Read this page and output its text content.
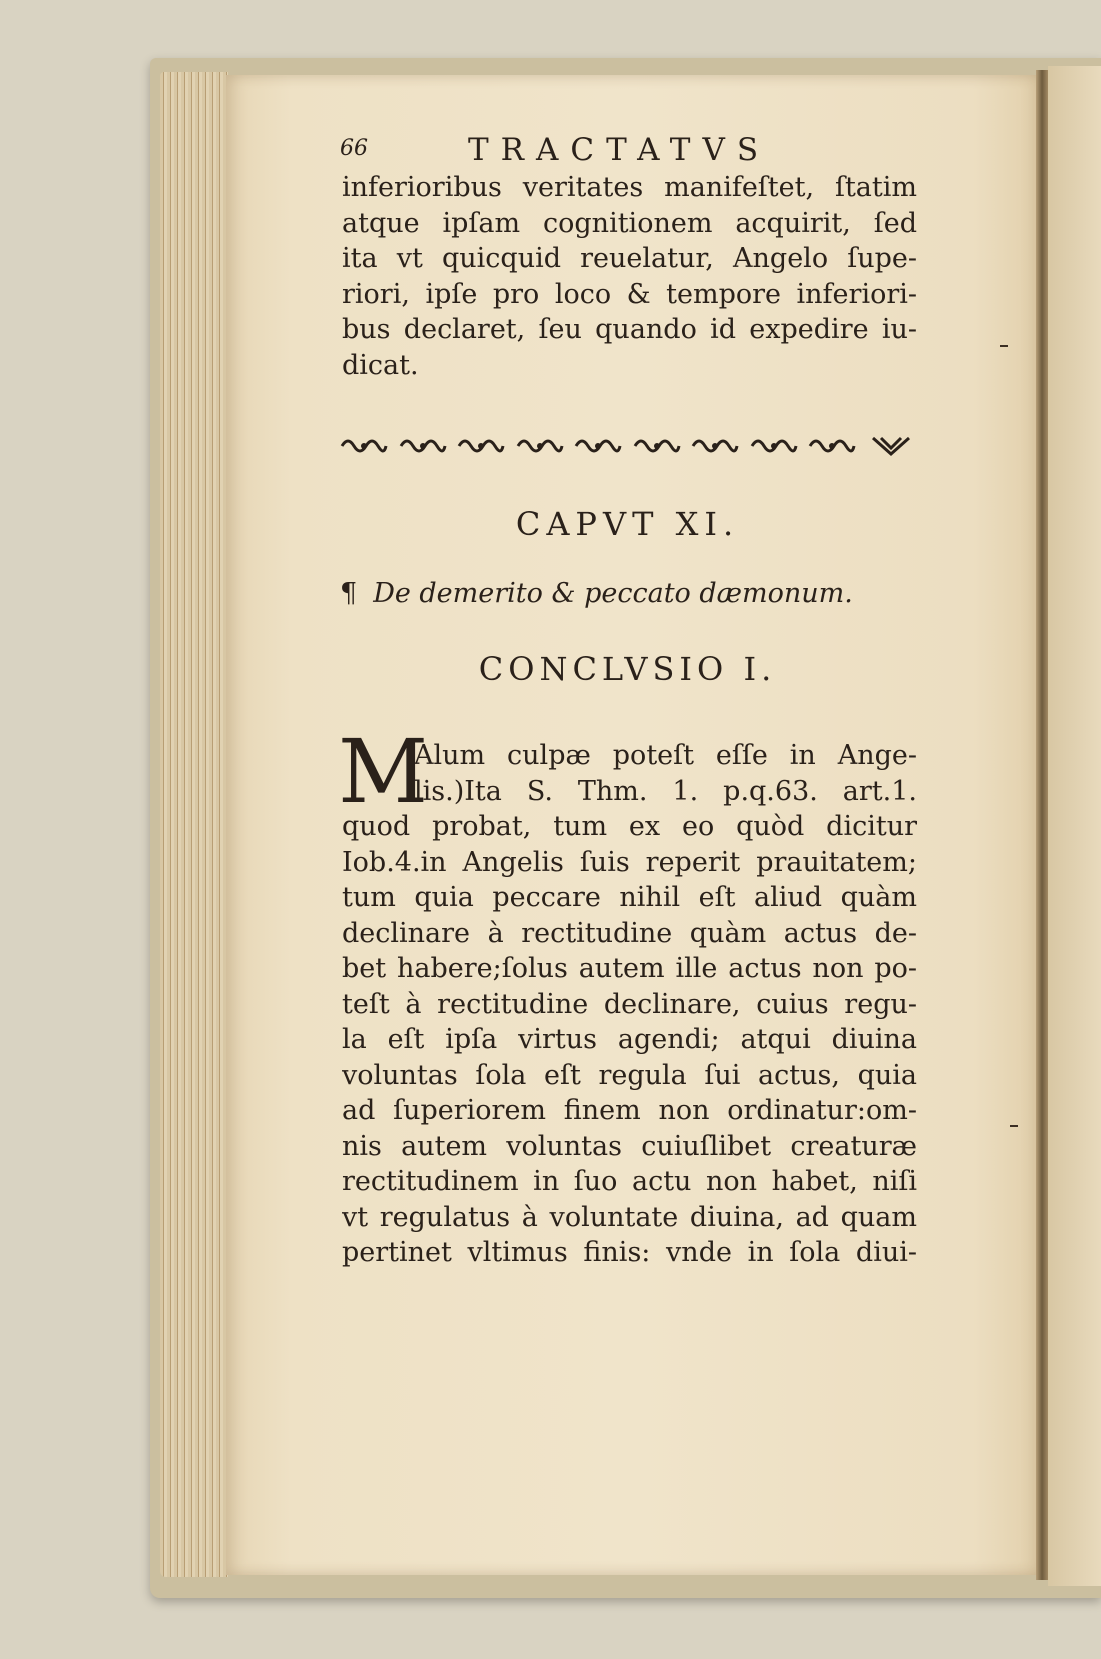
66	TRACTATVS
inferioribus veritates manifeſtet, ſtatim
atque ipſam cognitionem acquirit, ſed
ita vt quicquid reuelatur, Angelo ſupe-
riori, ipſe pro loco & tempore inferiori-
bus declaret, ſeu quando id expedire iu-
dicat.
CAPVT XI.
¶ De demerito & peccato dæmonum.
CONCLVSIO I.
M
Alum culpæ poteſt eſſe in Ange-
lis.)Ita S. Thm. 1. p.q.63. art.1.
quod probat, tum ex eo quòd dicitur
Iob.4.in Angelis ſuis reperit prauitatem;
tum quia peccare nihil eſt aliud quàm
declinare à rectitudine quàm actus de-
bet habere;ſolus autem ille actus non po-
teſt à rectitudine declinare, cuius regu-
la eſt ipſa virtus agendi; atqui diuina
voluntas ſola eſt regula ſui actus, quia
ad ſuperiorem finem non ordinatur:om-
nis autem voluntas cuiuſlibet creaturæ
rectitudinem in ſuo actu non habet, niſi
vt regulatus à voluntate diuina, ad quam
pertinet vltimus finis: vnde in ſola diui-
